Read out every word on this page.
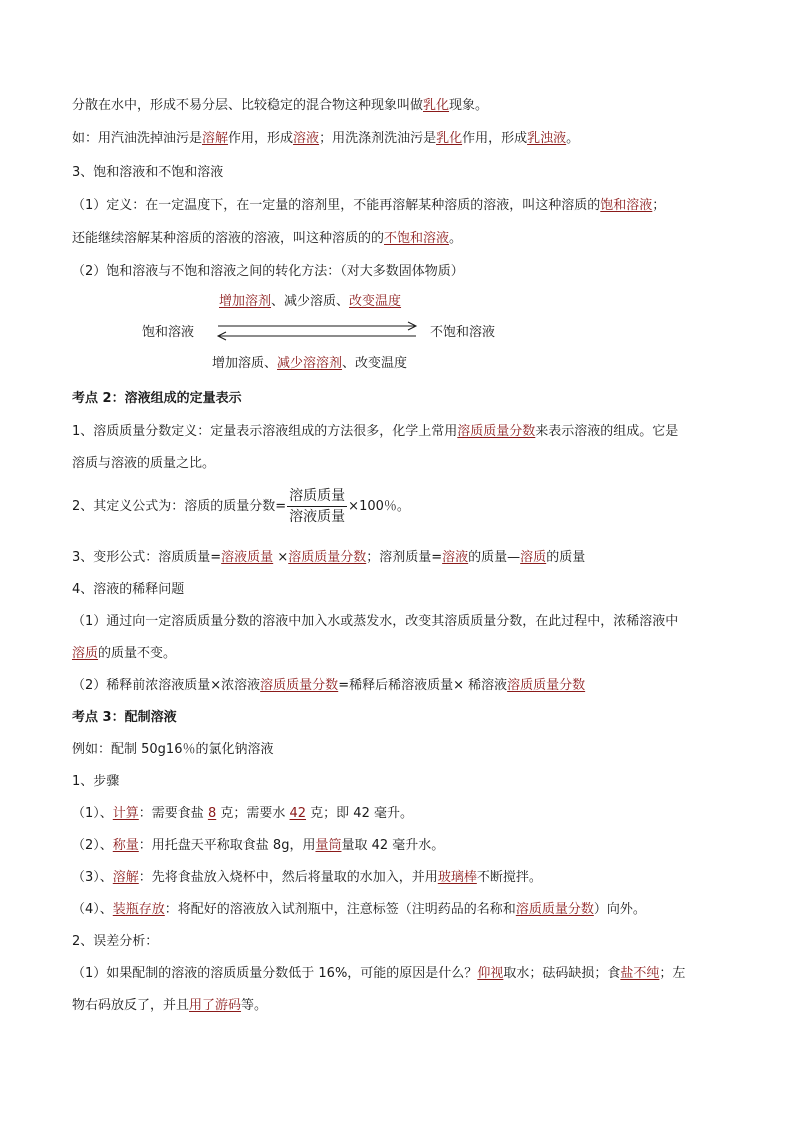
分散在水中，形成不易分层、比较稳定的混合物这种现象叫做乳化现象。
如：用汽油洗掉油污是溶解作用，形成溶液；用洗涤剂洗油污是乳化作用，形成乳浊液。
3、饱和溶液和不饱和溶液
（1）定义：在一定温度下，在一定量的溶剂里，不能再溶解某种溶质的溶液，叫这种溶质的饱和溶液；
还能继续溶解某种溶质的溶液的溶液，叫这种溶质的的不饱和溶液。
（2）饱和溶液与不饱和溶液之间的转化方法：（对大多数固体物质）
增加溶剂、减少溶质、改变温度
饱和溶液	不饱和溶液
增加溶质、减少溶溶剂、改变温度
考点 2：溶液组成的定量表示
1、溶质质量分数定义：定量表示溶液组成的方法很多，化学上常用溶质质量分数来表示溶液的组成。它是
溶质与溶液的质量之比。
2、其定义公式为：溶质的质量分数= $\frac{\text{溶质质量}}{\text{溶液质量}} \times 100$％。
3、变形公式：溶质质量=溶液质量 ×溶质质量分数；溶剂质量=溶液的质量—溶质的质量
4、溶液的稀释问题
（1）通过向一定溶质质量分数的溶液中加入水或蒸发水，改变其溶质质量分数，在此过程中，浓稀溶液中
溶质的质量不变。
（2）稀释前浓溶液质量×浓溶液溶质质量分数=稀释后稀溶液质量× 稀溶液溶质质量分数
考点 3：配制溶液
例如：配制 50g16％的氯化钠溶液
1、步骤
（1）、计算：需要食盐 8 克；需要水 42 克；即 42 毫升。
（2）、称量：用托盘天平称取食盐 8g，用量筒量取 42 毫升水。
（3）、溶解：先将食盐放入烧杯中，然后将量取的水加入，并用玻璃棒不断搅拌。
（4）、装瓶存放：将配好的溶液放入试剂瓶中，注意标签（注明药品的名称和溶质质量分数）向外。
2、误差分析：
（1）如果配制的溶液的溶质质量分数低于 16%，可能的原因是什么？仰视取水；砝码缺损；食盐不纯；左
物右码放反了，并且用了游码等。
